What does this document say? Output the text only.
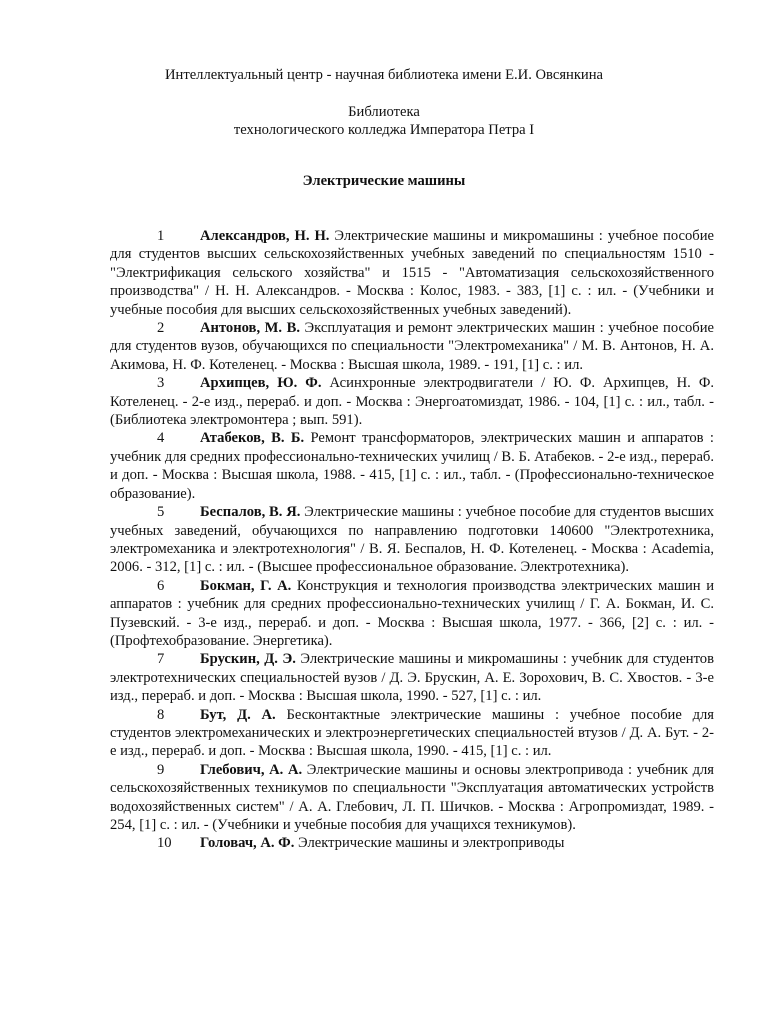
Интеллектуальный центр - научная библиотека имени Е.И. Овсянкина
Библиотека
технологического колледжа Императора Петра I
Электрические машины

1 Александров, Н. Н. Электрические машины и микромашины : учебное пособие для студентов высших сельскохозяйственных учебных заведений по специальностям 1510 - "Электрификация сельского хозяйства" и 1515 - "Автоматизация сельскохозяйственного производства" / Н. Н. Александров. - Москва : Колос, 1983. - 383, [1] с. : ил. - (Учебники и учебные пособия для высших сельскохозяйственных учебных заведений).

2 Антонов, М. В. Эксплуатация и ремонт электрических машин : учебное пособие для студентов вузов, обучающихся по специальности "Электромеханика" / М. В. Антонов, Н. А. Акимова, Н. Ф. Котеленец. - Москва : Высшая школа, 1989. - 191, [1] с. : ил.

3 Архипцев, Ю. Ф. Асинхронные электродвигатели / Ю. Ф. Архипцев, Н. Ф. Котеленец. - 2-е изд., перераб. и доп. - Москва : Энергоатомиздат, 1986. - 104, [1] с. : ил., табл. - (Библиотека электромонтера ; вып. 591).

4 Атабеков, В. Б. Ремонт трансформаторов, электрических машин и аппаратов : учебник для средних профессионально-технических училищ / В. Б. Атабеков. - 2-е изд., перераб. и доп. - Москва : Высшая школа, 1988. - 415, [1] с. : ил., табл. - (Профессионально-техническое образование).

5 Беспалов, В. Я. Электрические машины : учебное пособие для студентов высших учебных заведений, обучающихся по направлению подготовки 140600 "Электротехника, электромеханика и электротехнология" / В. Я. Беспалов, Н. Ф. Котеленец. - Москва : Academia, 2006. - 312, [1] с. : ил. - (Высшее профессиональное образование. Электротехника).

6 Бокман, Г. А. Конструкция и технология производства электрических машин и аппаратов : учебник для средних профессионально-технических училищ / Г. А. Бокман, И. С. Пузевский. - 3-е изд., перераб. и доп. - Москва : Высшая школа, 1977. - 366, [2] с. : ил. - (Профтехобразование. Энергетика).

7 Брускин, Д. Э. Электрические машины и микромашины : учебник для студентов электротехнических специальностей вузов / Д. Э. Брускин, А. Е. Зорохович, В. С. Хвостов. - 3-е изд., перераб. и доп. - Москва : Высшая школа, 1990. - 527, [1] с. : ил.

8 Бут, Д. А. Бесконтактные электрические машины : учебное пособие для студентов электромеханических и электроэнергетических специальностей втузов / Д. А. Бут. - 2-е изд., перераб. и доп. - Москва : Высшая школа, 1990. - 415, [1] с. : ил.

9 Глебович, А. А. Электрические машины и основы электропривода : учебник для сельскохозяйственных техникумов по специальности "Эксплуатация автоматических устройств водохозяйственных систем" / А. А. Глебович, Л. П. Шичков. - Москва : Агропромиздат, 1989. - 254, [1] с. : ил. - (Учебники и учебные пособия для учащихся техникумов).

10 Головач, А. Ф. Электрические машины и электроприводы
